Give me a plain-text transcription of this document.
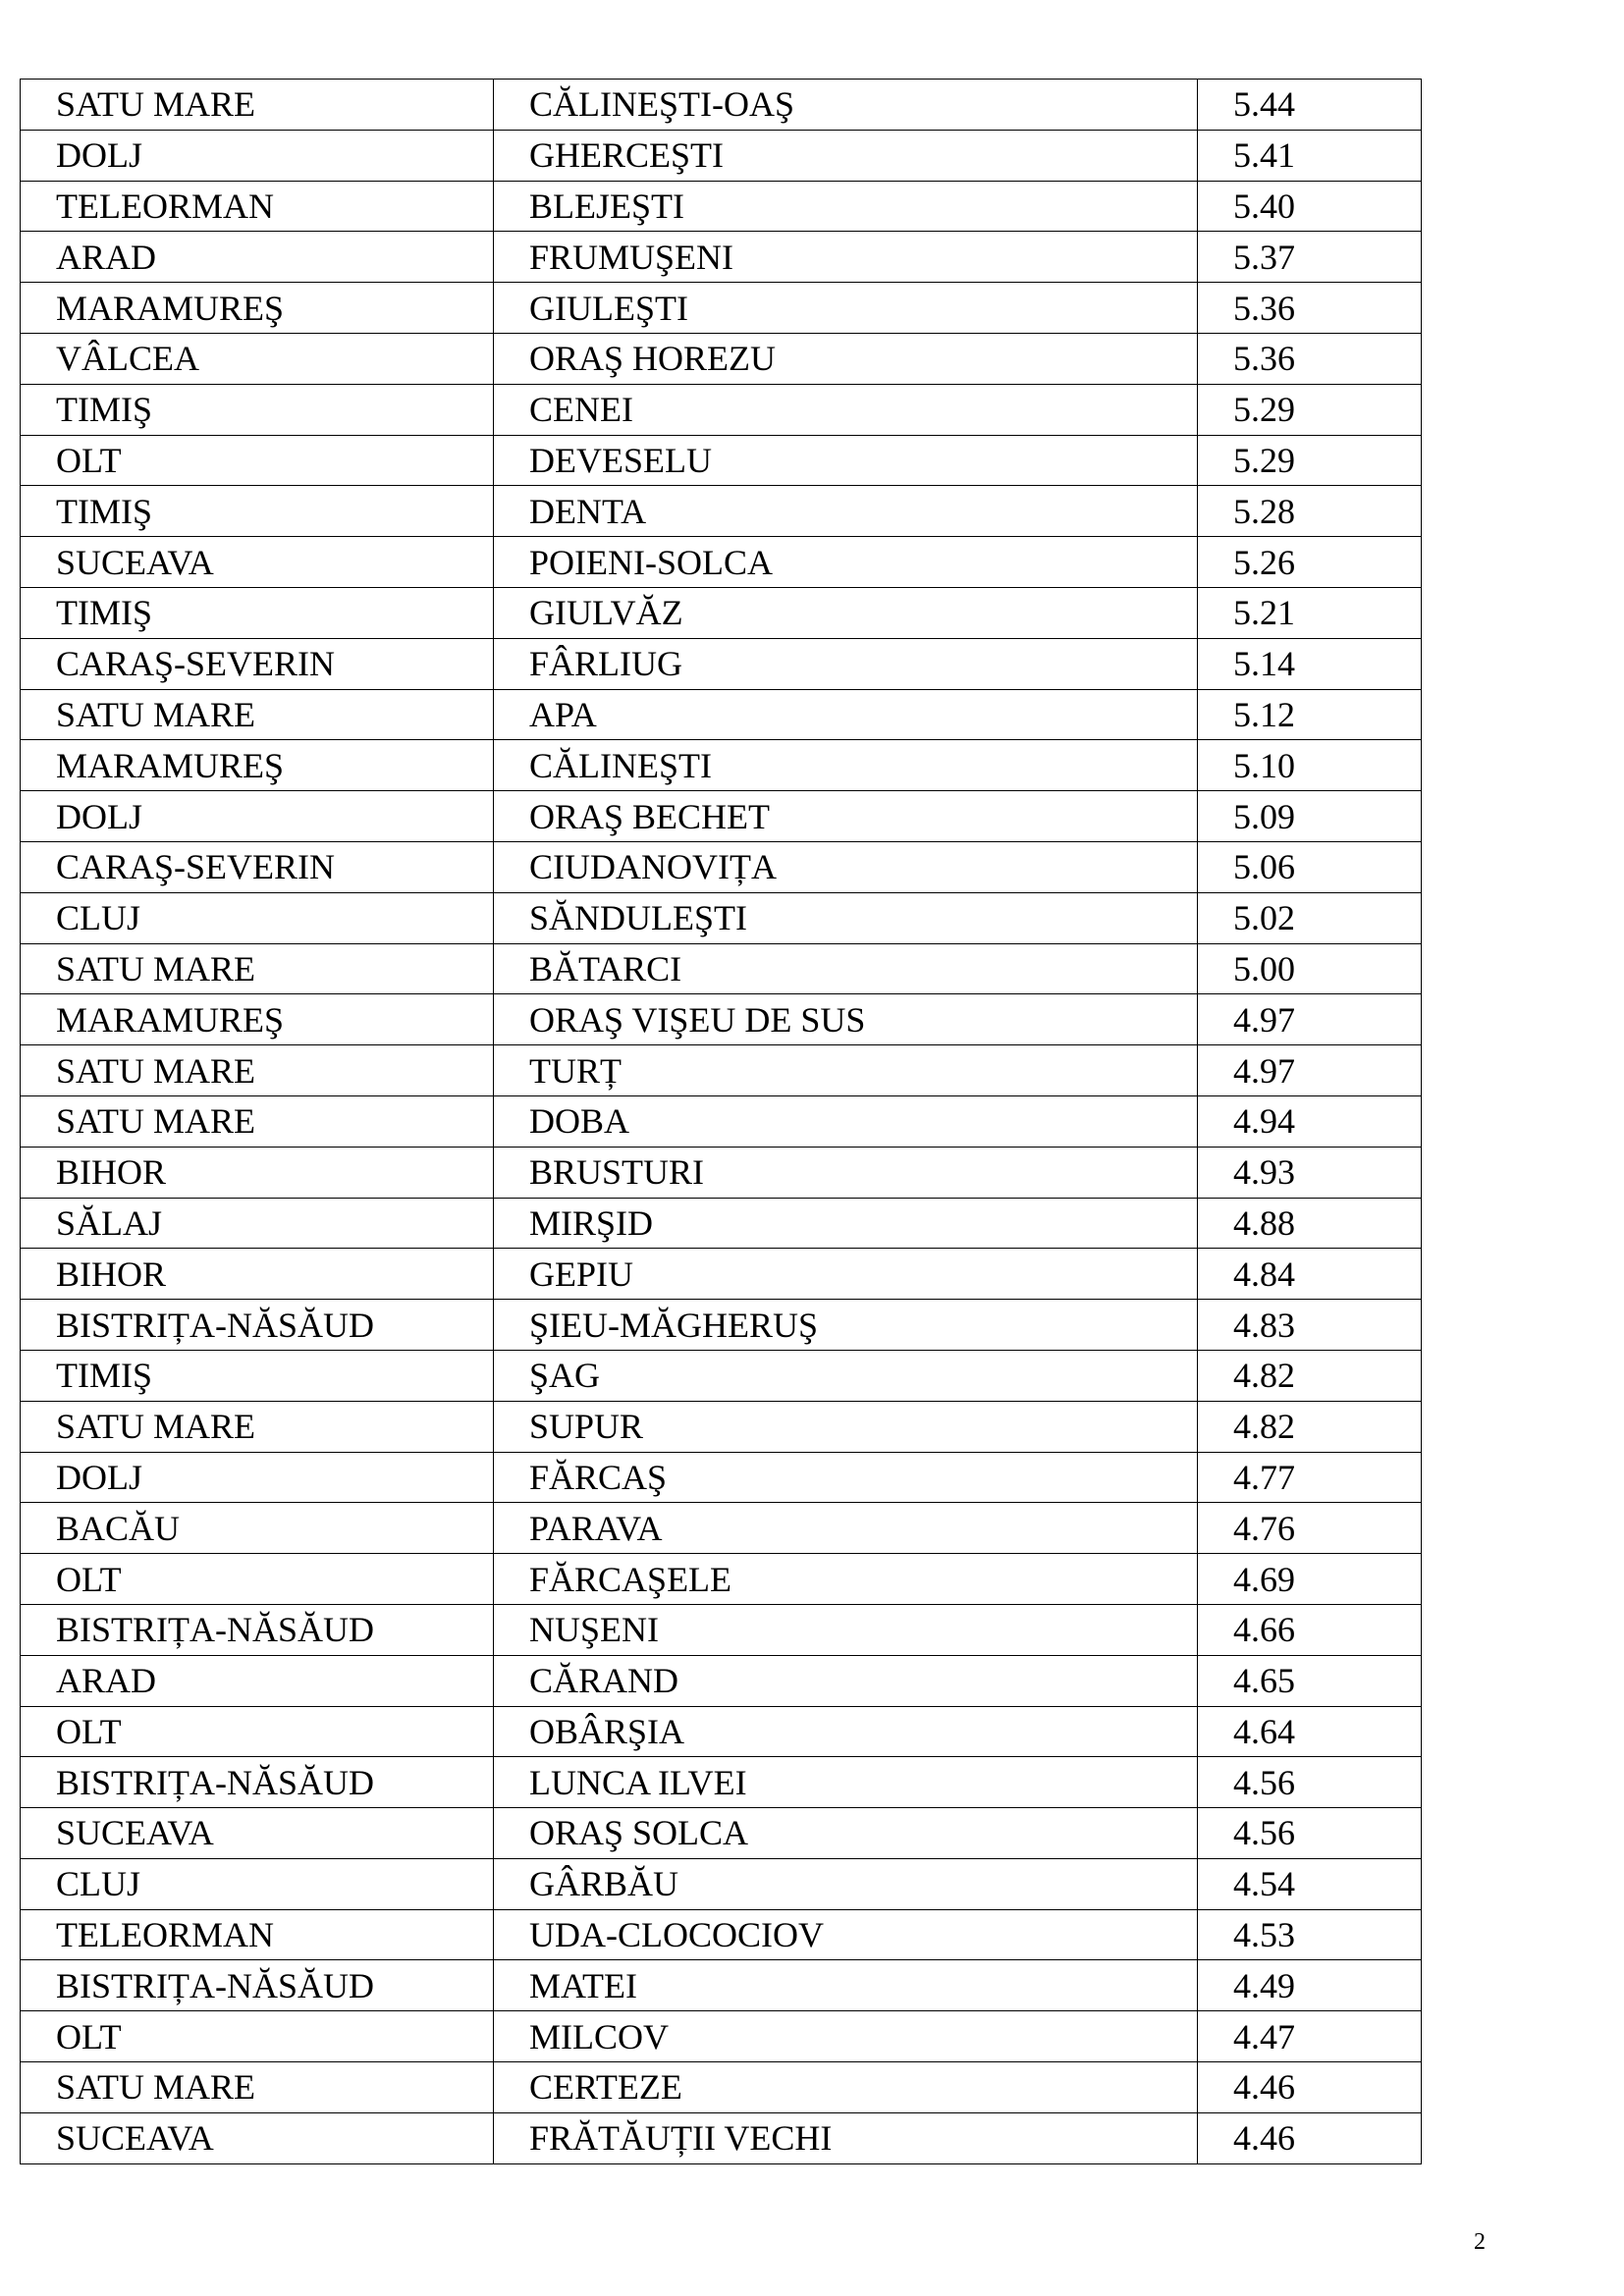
SATU MARE	CĂLINEŞTI-OAŞ	5.44
DOLJ	GHERCEŞTI	5.41
TELEORMAN	BLEJEŞTI	5.40
ARAD	FRUMUŞENI	5.37
MARAMUREŞ	GIULEŞTI	5.36
VÂLCEA	ORAŞ HOREZU	5.36
TIMIŞ	CENEI	5.29
OLT	DEVESELU	5.29
TIMIŞ	DENTA	5.28
SUCEAVA	POIENI-SOLCA	5.26
TIMIŞ	GIULVĂZ	5.21
CARAŞ-SEVERIN	FÂRLIUG	5.14
SATU MARE	APA	5.12
MARAMUREŞ	CĂLINEŞTI	5.10
DOLJ	ORAŞ BECHET	5.09
CARAŞ-SEVERIN	CIUDANOVIȚA	5.06
CLUJ	SĂNDULEŞTI	5.02
SATU MARE	BĂTARCI	5.00
MARAMUREŞ	ORAŞ VIŞEU DE SUS	4.97
SATU MARE	TURȚ	4.97
SATU MARE	DOBA	4.94
BIHOR	BRUSTURI	4.93
SĂLAJ	MIRŞID	4.88
BIHOR	GEPIU	4.84
BISTRIȚA-NĂSĂUD	ŞIEU-MĂGHERUŞ	4.83
TIMIŞ	ŞAG	4.82
SATU MARE	SUPUR	4.82
DOLJ	FĂRCAŞ	4.77
BACĂU	PARAVA	4.76
OLT	FĂRCAŞELE	4.69
BISTRIȚA-NĂSĂUD	NUŞENI	4.66
ARAD	CĂRAND	4.65
OLT	OBÂRŞIA	4.64
BISTRIȚA-NĂSĂUD	LUNCA ILVEI	4.56
SUCEAVA	ORAŞ SOLCA	4.56
CLUJ	GÂRBĂU	4.54
TELEORMAN	UDA-CLOCOCIOV	4.53
BISTRIȚA-NĂSĂUD	MATEI	4.49
OLT	MILCOV	4.47
SATU MARE	CERTEZE	4.46
SUCEAVA	FRĂTĂUȚII VECHI	4.46
2
